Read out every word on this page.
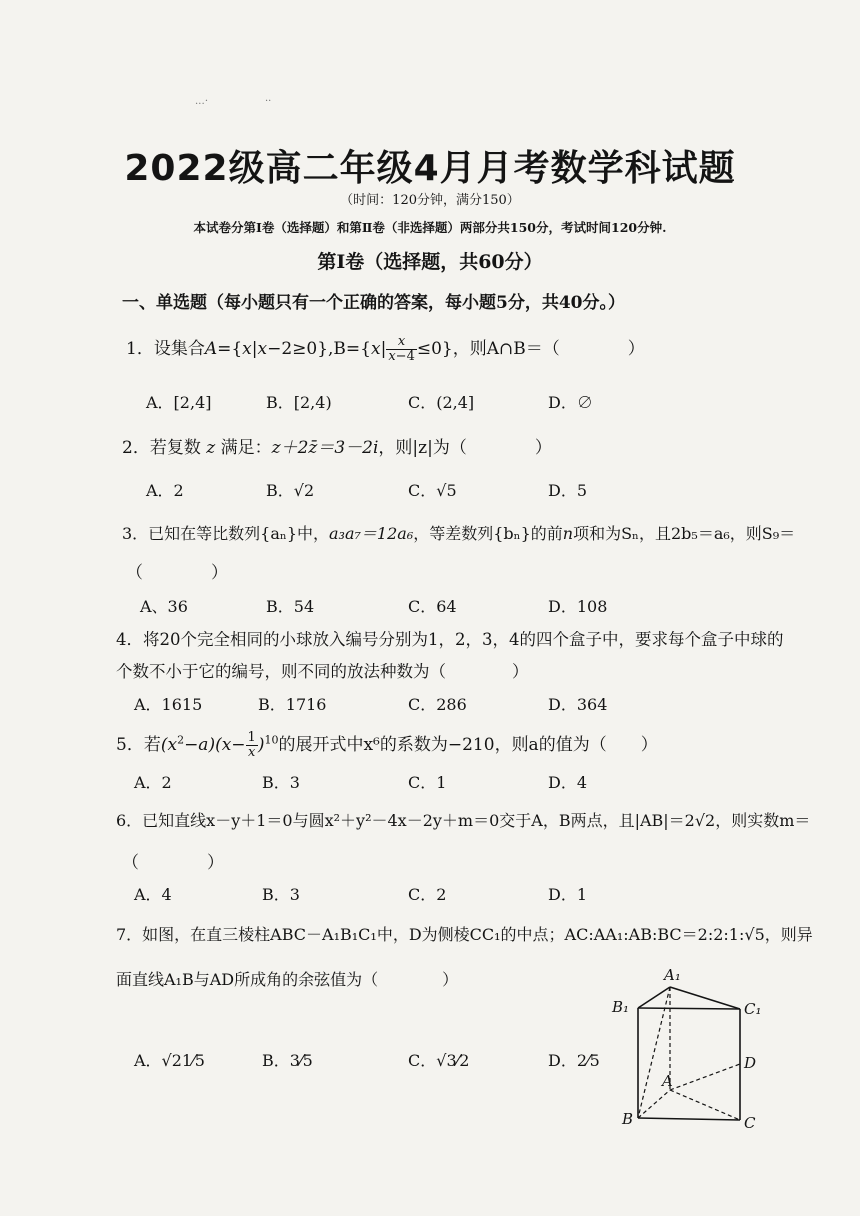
.‥·	··
2022级高二年级4月月考数学科试题
（时间：120分钟，满分150）
本试卷分第Ⅰ卷（选择题）和第Ⅱ卷（非选择题）两部分共150分，考试时间120分钟.
第Ⅰ卷（选择题，共60分）
一、单选题（每小题只有一个正确的答案，每小题5分，共40分。）
1．设集合$A=\{x|x-2\ge 0\},B=\{x| \frac{x}{x-4} \le 0\}$，则A∩B＝（　　　　）
A．[2,4]	B．[2,4)	C．(2,4]	D．∅
2．若复数 z 满足：z＋2z̄＝3－2i，则|z|为（　　　　）
A．2	B．√2	C．√5	D．5
3．已知在等比数列{aₙ}中，a₃a₇＝12a₆，等差数列{bₙ}的前n项和为Sₙ，且2b₅＝a₆，则S₉＝
（　　　　）
A、36	B．54	C．64	D．108
4．将20个完全相同的小球放入编号分别为1，2，3，4的四个盒子中，要求每个盒子中球的
个数不小于它的编号，则不同的放法种数为（　　　　）
A．1615	B．1716	C．286	D．364
5．若$(x^2-a)(x- \frac{1}{x} )^{10}$的展开式中x⁶的系数为−210，则a的值为（　　）
A．2	B．3	C．1	D．4
6．已知直线x－y＋1＝0与圆x²＋y²－4x－2y＋m＝0交于A，B两点，且|AB|＝2√2，则实数m＝
（　　　　）
A．4	B．3	C．2	D．1
7．如图，在直三棱柱ABC－A₁B₁C₁中，D为侧棱CC₁的中点；AC:AA₁:AB:BC＝2:2:1:√5，则异
面直线A₁B与AD所成角的余弦值为（　　　　）
A．√21⁄5	B．3⁄5	C．√3⁄2	D．2⁄5
A₁
B₁	C₁
D
A
B	C
